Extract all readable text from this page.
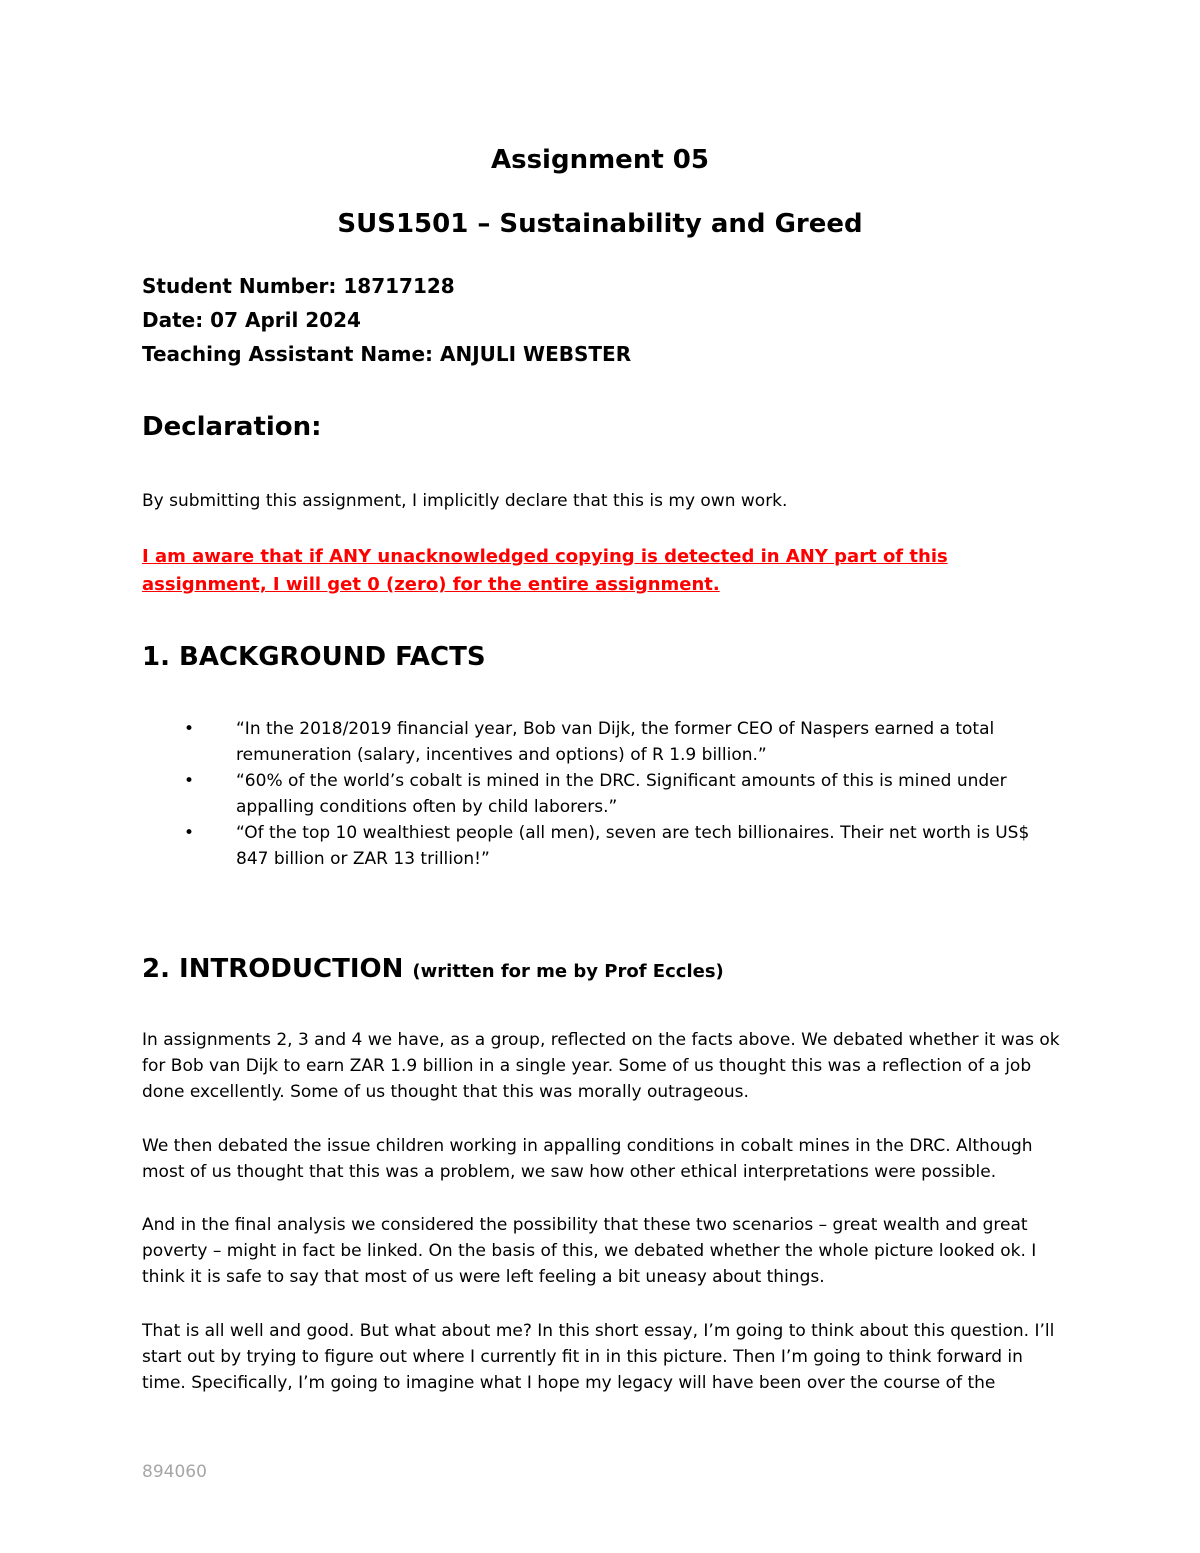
Assignment 05
SUS1501 – Sustainability and Greed
Student Number: 18717128
Date: 07 April 2024
Teaching Assistant Name: ANJULI WEBSTER
Declaration:
By submitting this assignment, I implicitly declare that this is my own work.
I am aware that if ANY unacknowledged copying is detected in ANY part of this assignment, I will get 0 (zero) for the entire assignment.
1. BACKGROUND FACTS
• “In the 2018/2019 financial year, Bob van Dijk, the former CEO of Naspers earned a total remuneration (salary, incentives and options) of R 1.9 billion.”
• “60% of the world’s cobalt is mined in the DRC. Significant amounts of this is mined under appalling conditions often by child laborers.”
• “Of the top 10 wealthiest people (all men), seven are tech billionaires. Their net worth is US$ 847 billion or ZAR 13 trillion!”
2. INTRODUCTION (written for me by Prof Eccles)
In assignments 2, 3 and 4 we have, as a group, reflected on the facts above. We debated whether it was ok for Bob van Dijk to earn ZAR 1.9 billion in a single year. Some of us thought this was a reflection of a job done excellently. Some of us thought that this was morally outrageous.
We then debated the issue children working in appalling conditions in cobalt mines in the DRC. Although most of us thought that this was a problem, we saw how other ethical interpretations were possible.
And in the final analysis we considered the possibility that these two scenarios – great wealth and great poverty – might in fact be linked. On the basis of this, we debated whether the whole picture looked ok. I think it is safe to say that most of us were left feeling a bit uneasy about things.
That is all well and good. But what about me? In this short essay, I’m going to think about this question. I’ll start out by trying to figure out where I currently fit in in this picture. Then I’m going to think forward in time. Specifically, I’m going to imagine what I hope my legacy will have been over the course of the
894060
